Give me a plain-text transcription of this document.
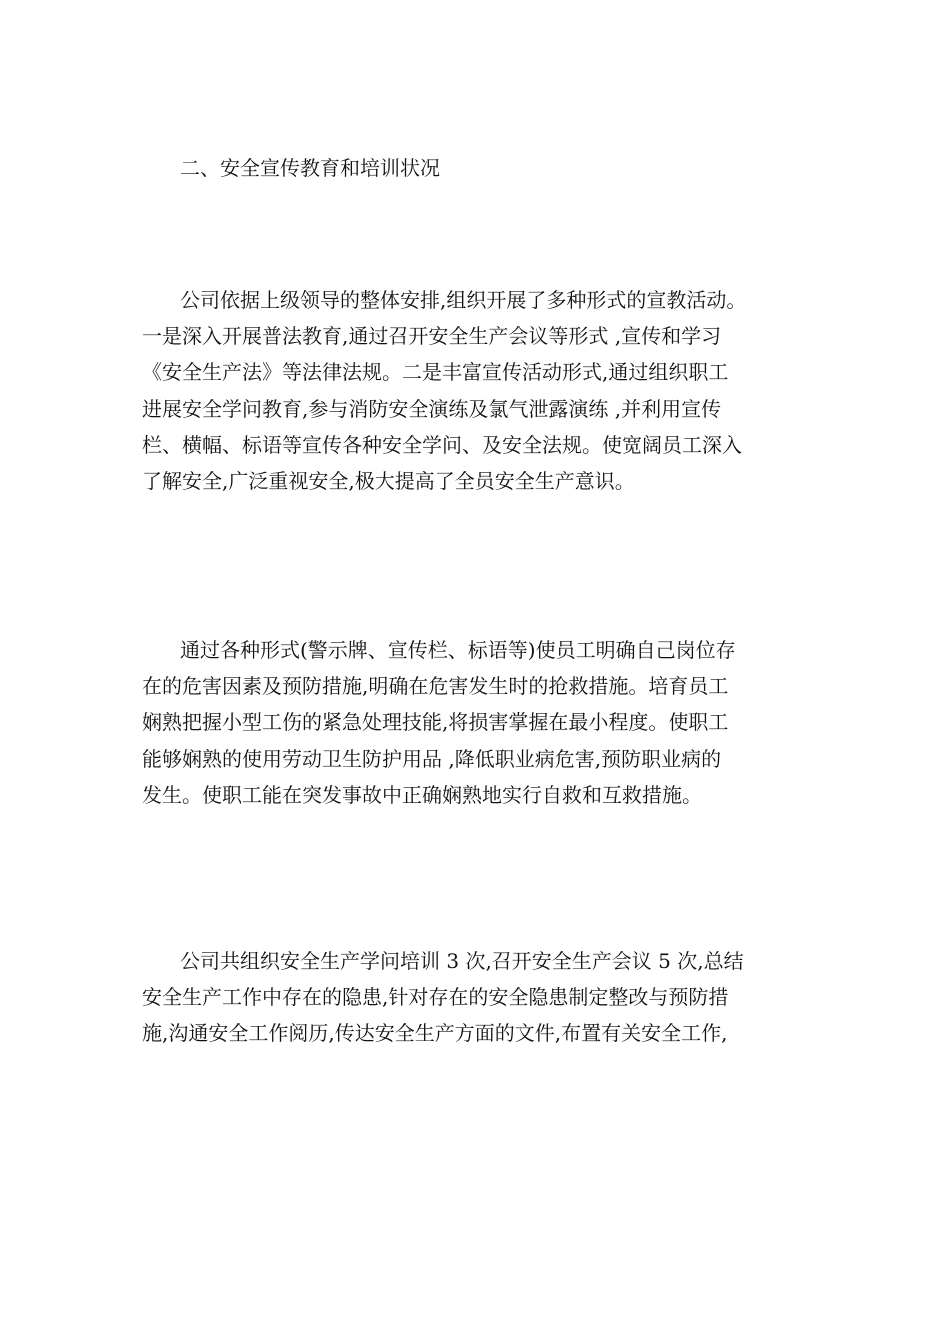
二、安全宣传教育和培训状况
公司依据上级领导的整体安排,组织开展了多种形式的宣教活动。
一是深入开展普法教育,通过召开安全生产会议等形式 ,宣传和学习
《安全生产法》等法律法规。二是丰富宣传活动形式,通过组织职工
进展安全学问教育,参与消防安全演练及氯气泄露演练 ,并利用宣传
栏、横幅、标语等宣传各种安全学问、及安全法规。使宽阔员工深入
了解安全,广泛重视安全,极大提高了全员安全生产意识。
通过各种形式(警示牌、宣传栏、标语等)使员工明确自己岗位存
在的危害因素及预防措施,明确在危害发生时的抢救措施。培育员工
娴熟把握小型工伤的紧急处理技能,将损害掌握在最小程度。使职工
能够娴熟的使用劳动卫生防护用品 ,降低职业病危害,预防职业病的
发生。使职工能在突发事故中正确娴熟地实行自救和互救措施。
公司共组织安全生产学问培训 3 次,召开安全生产会议 5 次,总结
安全生产工作中存在的隐患,针对存在的安全隐患制定整改与预防措
施,沟通安全工作阅历,传达安全生产方面的文件,布置有关安全工作,
